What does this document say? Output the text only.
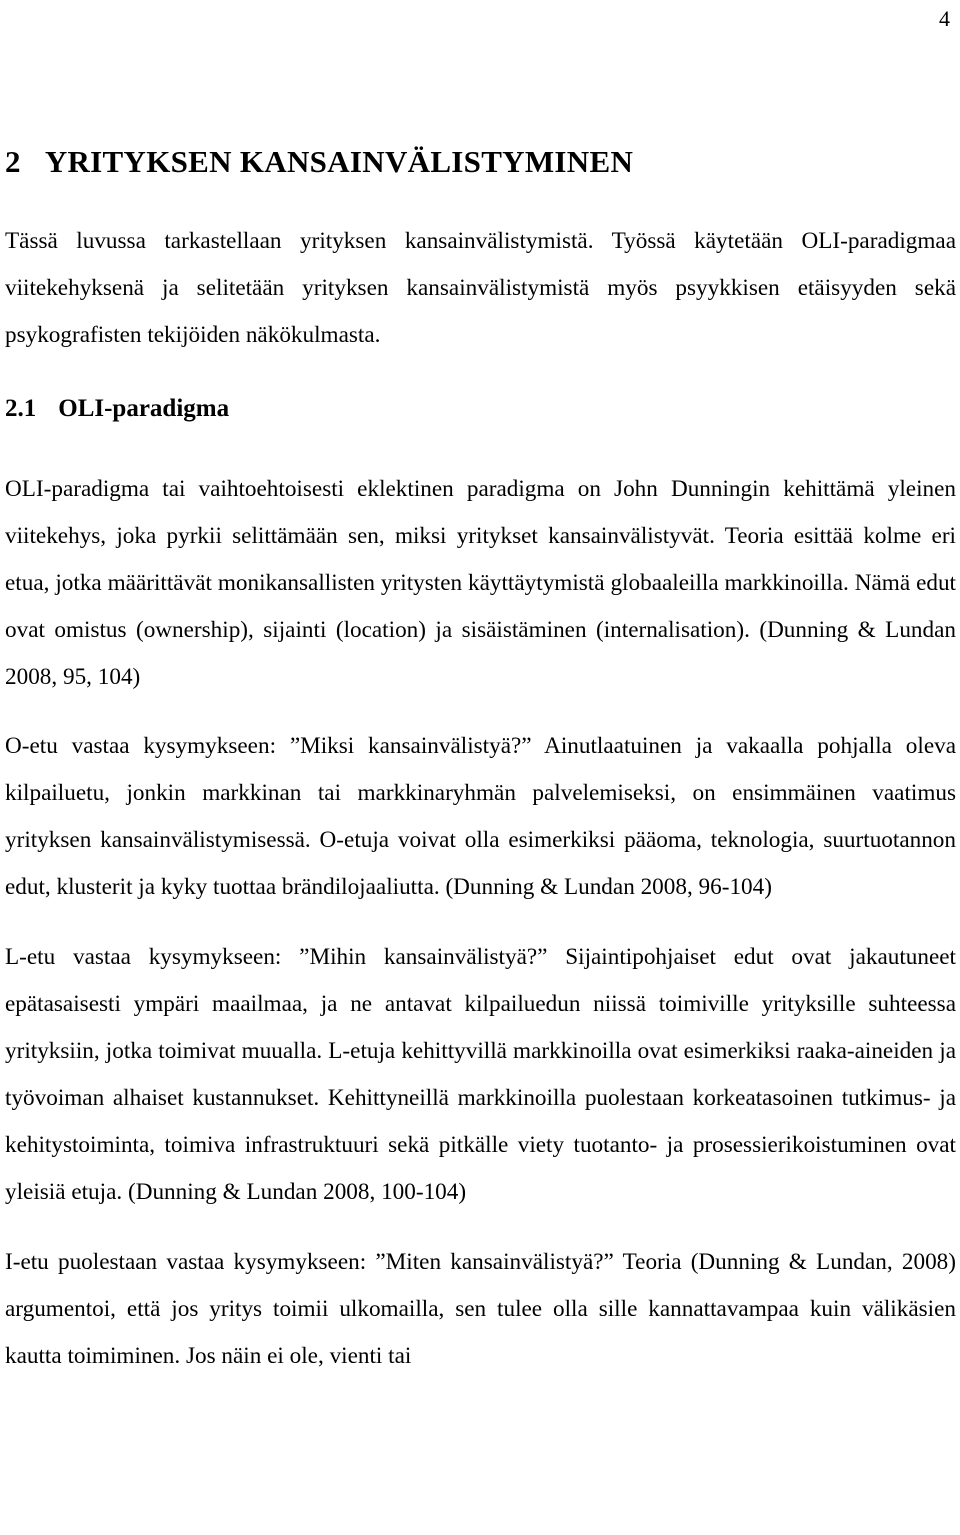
4
2 YRITYKSEN KANSAINVÄLISTYMINEN

Tässä luvussa tarkastellaan yrityksen kansainvälistymistä. Työssä käytetään OLI-paradigmaa viitekehyksenä ja selitetään yrityksen kansainvälistymistä myös psyykkisen etäisyyden sekä psykografisten tekijöiden näkökulmasta.

2.1 OLI-paradigma

OLI-paradigma tai vaihtoehtoisesti eklektinen paradigma on John Dunningin kehittämä yleinen viitekehys, joka pyrkii selittämään sen, miksi yritykset kansainvälistyvät. Teoria esittää kolme eri etua, jotka määrittävät monikansallisten yritysten käyttäytymistä globaaleilla markkinoilla. Nämä edut ovat omistus (ownership), sijainti (location) ja sisäistäminen (internalisation). (Dunning & Lundan 2008, 95, 104)

O-etu vastaa kysymykseen: ”Miksi kansainvälistyä?” Ainutlaatuinen ja vakaalla pohjalla oleva kilpailuetu, jonkin markkinan tai markkinaryhmän palvelemiseksi, on ensimmäinen vaatimus yrityksen kansainvälistymisessä. O-etuja voivat olla esimerkiksi pääoma, teknologia, suurtuotannon edut, klusterit ja kyky tuottaa brändilojaaliutta. (Dunning & Lundan 2008, 96-104)

L-etu vastaa kysymykseen: ”Mihin kansainvälistyä?” Sijaintipohjaiset edut ovat jakautuneet epätasaisesti ympäri maailmaa, ja ne antavat kilpailuedun niissä toimiville yrityksille suhteessa yrityksiin, jotka toimivat muualla. L-etuja kehittyvillä markkinoilla ovat esimerkiksi raaka-aineiden ja työvoiman alhaiset kustannukset. Kehittyneillä markkinoilla puolestaan korkeatasoinen tutkimus- ja kehitystoiminta, toimiva infrastruktuuri sekä pitkälle viety tuotanto- ja prosessierikoistuminen ovat yleisiä etuja. (Dunning & Lundan 2008, 100-104)

I-etu puolestaan vastaa kysymykseen: ”Miten kansainvälistyä?” Teoria (Dunning & Lundan, 2008) argumentoi, että jos yritys toimii ulkomailla, sen tulee olla sille kannattavampaa kuin välikäsien kautta toimiminen. Jos näin ei ole, vienti tai
